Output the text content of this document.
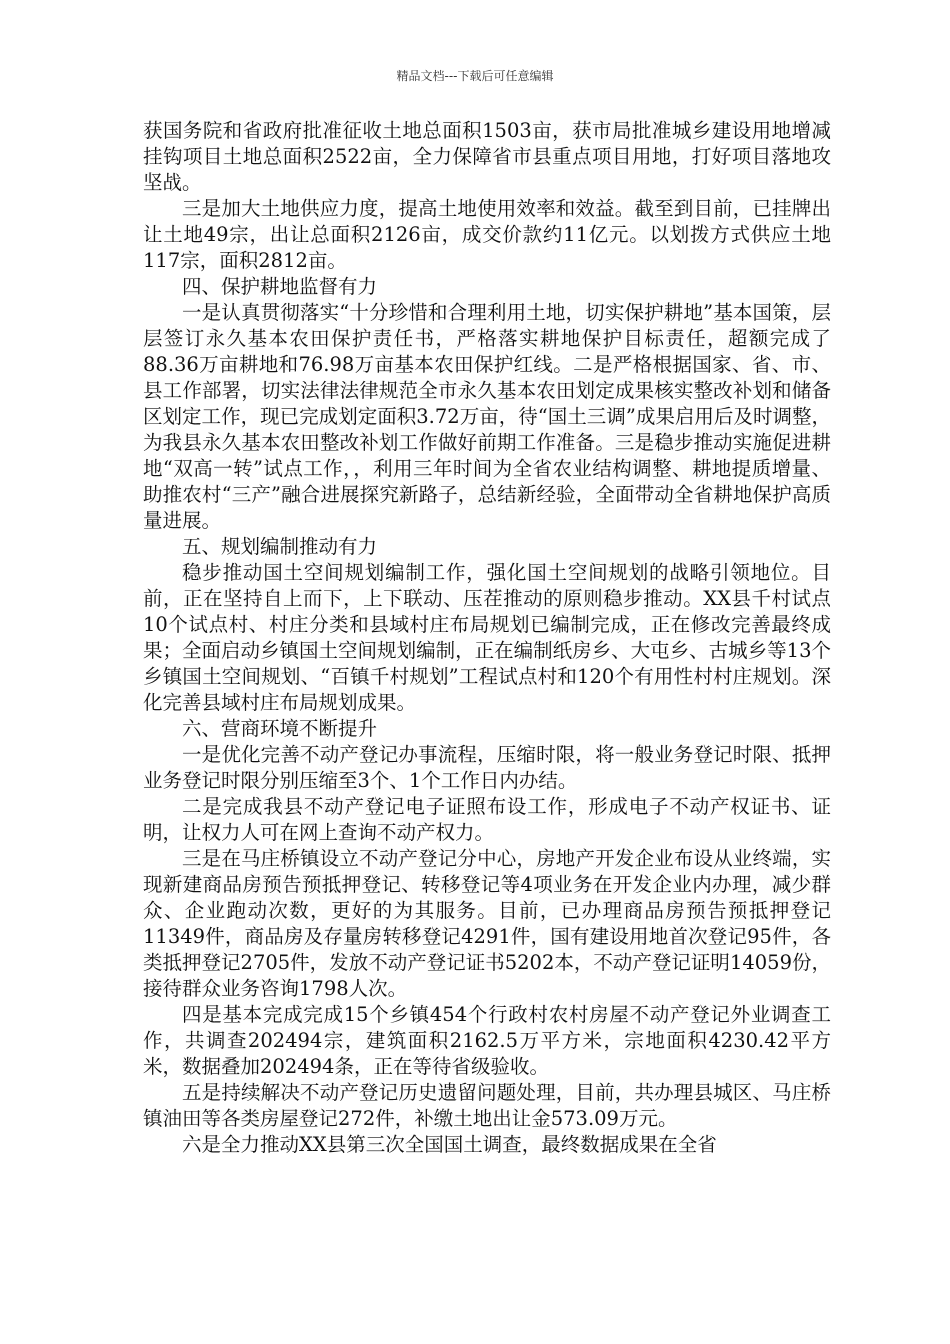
精品文档---下载后可任意编辑

获国务院和省政府批准征收土地总面积1503亩，获市局批准城乡建设用地增减挂钩项目土地总面积2522亩，全力保障省市县重点项目用地，打好项目落地攻坚战。

三是加大土地供应力度，提高土地使用效率和效益。截至到目前，已挂牌出让土地49宗，出让总面积2126亩，成交价款约11亿元。以划拨方式供应土地117宗，面积2812亩。

四、保护耕地监督有力

一是认真贯彻落实“十分珍惜和合理利用土地，切实保护耕地”基本国策，层层签订永久基本农田保护责任书，严格落实耕地保护目标责任，超额完成了88.36万亩耕地和76.98万亩基本农田保护红线。二是严格根据国家、省、市、县工作部署，切实法律法律规范全市永久基本农田划定成果核实整改补划和储备区划定工作，现已完成划定面积3.72万亩，待“国土三调”成果启用后及时调整，为我县永久基本农田整改补划工作做好前期工作准备。三是稳步推动实施促进耕地“双高一转”试点工作，，利用三年时间为全省农业结构调整、耕地提质增量、助推农村“三产”融合进展探究新路子，总结新经验，全面带动全省耕地保护高质量进展。

五、规划编制推动有力

稳步推动国土空间规划编制工作，强化国土空间规划的战略引领地位。目前，正在坚持自上而下，上下联动、压茬推动的原则稳步推动。XX县千村试点10个试点村、村庄分类和县域村庄布局规划已编制完成，正在修改完善最终成果；全面启动乡镇国土空间规划编制，正在编制纸房乡、大屯乡、古城乡等13个乡镇国土空间规划、“百镇千村规划”工程试点村和120个有用性村村庄规划。深化完善县域村庄布局规划成果。

六、营商环境不断提升

一是优化完善不动产登记办事流程，压缩时限，将一般业务登记时限、抵押业务登记时限分别压缩至3个、1个工作日内办结。

二是完成我县不动产登记电子证照布设工作，形成电子不动产权证书、证明，让权力人可在网上查询不动产权力。

三是在马庄桥镇设立不动产登记分中心，房地产开发企业布设从业终端，实现新建商品房预告预抵押登记、转移登记等4项业务在开发企业内办理，减少群众、企业跑动次数，更好的为其服务。目前，已办理商品房预告预抵押登记11349件，商品房及存量房转移登记4291件，国有建设用地首次登记95件，各类抵押登记2705件，发放不动产登记证书5202本，不动产登记证明14059份，接待群众业务咨询1798人次。

四是基本完成完成15个乡镇454个行政村农村房屋不动产登记外业调查工作，共调查202494宗，建筑面积2162.5万平方米，宗地面积4230.42平方米，数据叠加202494条，正在等待省级验收。

五是持续解决不动产登记历史遗留问题处理，目前，共办理县城区、马庄桥镇油田等各类房屋登记272件，补缴土地出让金573.09万元。

六是全力推动XX县第三次全国国土调查，最终数据成果在全省
